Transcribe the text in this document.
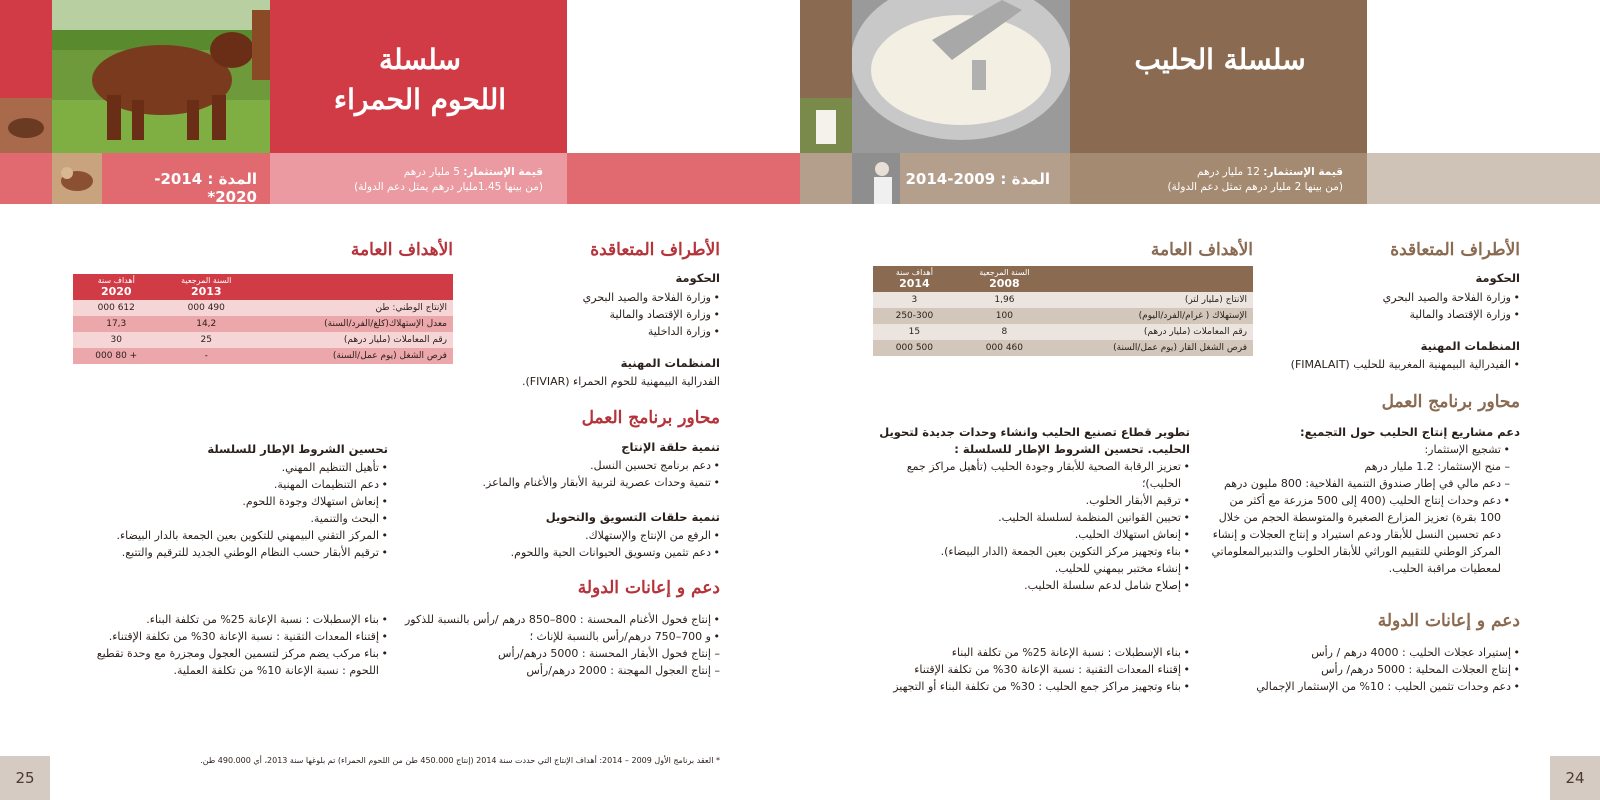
سلسلة
اللحوم الحمراء
قيمة الإستثمار: 5 مليار درهم
(من بينها 1.45مليار درهم يمثل دعم الدولة)
المدة : 2014-2020*
الأطراف المتعاقدة
الحكومة
• وزارة الفلاحة والصيد البحري
• وزارة الإقتصاد والمالية
• وزارة الداخلية
المنظمات المهنية
الفدرالية البيمهنية للحوم الحمراء (FIVIAR).
الأهداف العامة
	السنة المرجعية
2013	أهداف سنة
2020

الإنتاج الوطني: طن	490 000	612 000
معدل الإستهلاك(كلغ/الفرد/السنة)	14,2	17,3
رقم المعاملات (مليار درهم)	25	30
فرص الشغل (يوم عمل/السنة)	-	+ 80 000
محاور برنامج العمل
تنمية حلقة الإنتاج
• دعم برنامج تحسين النسل.
• تنمية وحدات عصرية لتربية الأبقار والأغنام والماعز.
تنمية حلقات التسويق والتحويل
• الرفع من الإنتاج والإستهلاك.
• دعم تثمين وتسويق الحيوانات الحية واللحوم.
تحسين الشروط الإطار للسلسلة
• تأهيل التنظيم المهني.
• دعم التنظيمات المهنية.
• إنعاش استهلاك وجودة اللحوم.
• البحث والتنمية.
• المركز التقني البيمهني للتكوين بعين الجمعة بالدار البيضاء.
• ترقيم الأبقار حسب النظام الوطني الجديد للترقيم والتتبع.
دعم و إعانات الدولة
• إنتاج فحول الأغنام المحسنة : 800–850 درهم /رأس بالنسبة للذكور
• و 700–750 درهم/رأس بالنسبة للإناث ؛
– إنتاج فحول الأبقار المحسنة : 5000 درهم/رأس
– إنتاج العجول المهجنة : 2000 درهم/رأس
• بناء الإسطبلات : نسبة الإعانة 25% من تكلفة البناء.
• إقتناء المعدات التقنية : نسبة الإعانة 30% من تكلفة الإقتناء.
• بناء مركب يضم مركز لتسمين العجول ومجزرة مع وحدة تقطيع اللحوم : نسبة الإعانة 10% من تكلفة العملية.
* العقد برنامج الأول 2009 – 2014: أهداف الإنتاج التي حددت سنة 2014 (إنتاج 450.000 طن من اللحوم الحمراء) تم بلوغها سنة 2013، أي 490.000 طن.
25
سلسلة الحليب
قيمة الإستثمار: 12 مليار درهم
(من بينها 2 مليار درهم تمثل دعم الدولة)
المدة : 2009-2014
الأطراف المتعاقدة
الحكومة
• وزارة الفلاحة والصيد البحري
• وزارة الإقتصاد والمالية
المنظمات المهنية
• الفيدرالية البيمهنية المغربية للحليب (FIMALAIT)
الأهداف العامة
	السنة المرجعية
2008	أهداف سنة
2014

الانتاج (مليار لتر)	1,96	3
الإستهلاك ( غرام/الفرد/اليوم)	100	250-300
رقم المعاملات (مليار درهم)	8	15
فرص الشغل القار (يوم عمل/السنة)	460 000	500 000
محاور برنامج العمل
دعم مشاريع إنتاج الحليب حول التجميع:
• تشجيع الإستثمار:
– منح الإستثمار: 1.2 مليار درهم
– دعم مالي في إطار صندوق التنمية الفلاحية: 800 مليون درهم
• دعم وحدات إنتاج الحليب (400 إلى 500 مزرعة مع أكثر من 100 بقرة) تعزيز المزارع الصغيرة والمتوسطة الحجم من خلال دعم تحسين النسل للأبقار ودعم استيراد و إنتاج العجلات و إنشاء المركز الوطني للتقييم الوراثي للأبقار الحلوب والتدبيرالمعلوماتي لمعطيات مراقبة الحليب.
تطوير قطاع تصنيع الحليب وانشاء وحدات جديدة لتحويل الحليب. تحسين الشروط الإطار للسلسلة :
• تعزيز الرقابة الصحية للأبقار وجودة الحليب (تأهيل مراكز جمع الحليب)؛
• ترقيم الأبقار الحلوب.
• تحيين القوانين المنظمة لسلسلة الحليب.
• إنعاش استهلاك الحليب.
• بناء وتجهيز مركز التكوين بعين الجمعة (الدار البيضاء).
• إنشاء مختبر بيمهني للحليب.
• إصلاح شامل لدعم سلسلة الحليب.
دعم و إعانات الدولة
• إستيراد عجلات الحليب : 4000 درهم / رأس
• إنتاج العجلات المحلية : 5000 درهم/ رأس
• دعم وحدات تثمين الحليب : 10% من الإستثمار الإجمالي
• بناء الإسطبلات : نسبة الإعانة 25% من تكلفة البناء
• إقتناء المعدات التقنية : نسبة الإعانة 30% من تكلفة الإقتناء
• بناء وتجهيز مراكز جمع الحليب : 30% من تكلفة البناء أو التجهيز
24
